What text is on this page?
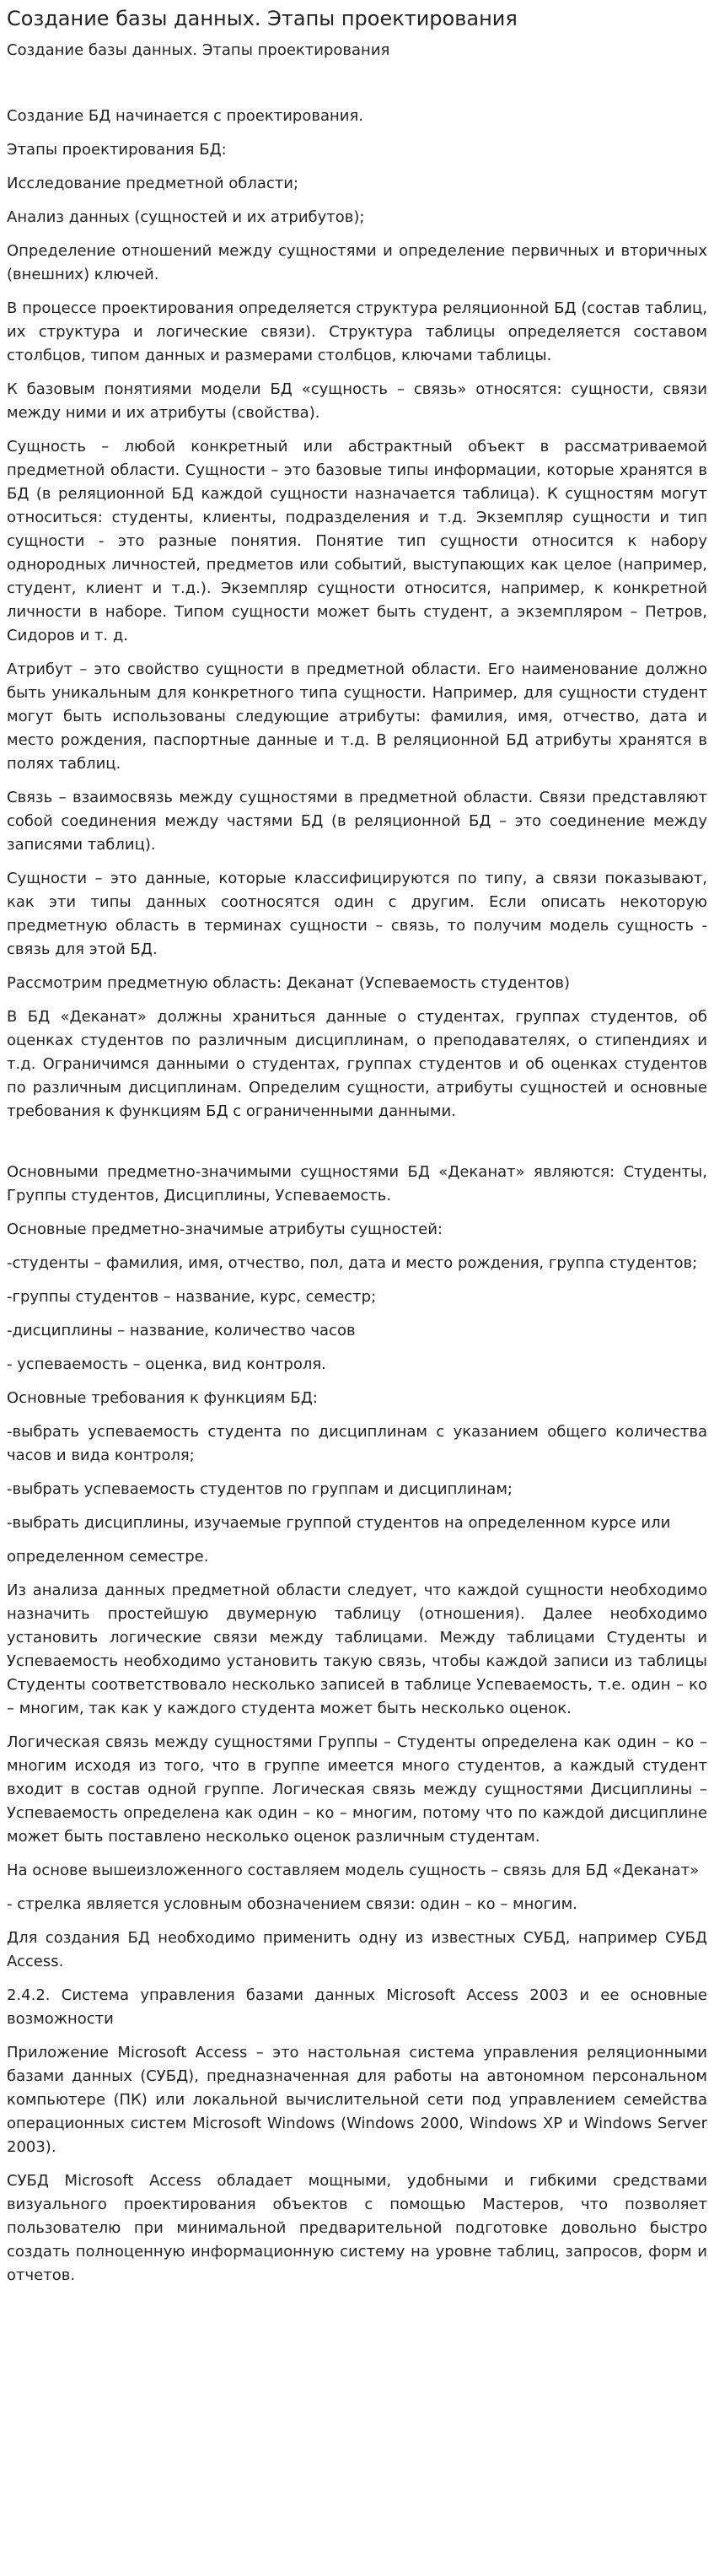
Создание базы данных. Этапы проектирования
Создание базы данных. Этапы проектирования

Создание БД начинается с проектирования.

Этапы проектирования БД:

Исследование предметной области;

Анализ данных (сущностей и их атрибутов);

Определение отношений между сущностями и определение первичных и вторичных (внешних) ключей.

В процессе проектирования определяется структура реляционной БД (состав таблиц, их структура и логические связи). Структура таблицы определяется составом столбцов, типом данных и размерами столбцов, ключами таблицы.

К базовым понятиями модели БД «сущность – связь» относятся: сущности, связи между ними и их атрибуты (свойства).

Сущность – любой конкретный или абстрактный объект в рассматриваемой предметной области. Сущности – это базовые типы информации, которые хранятся в БД (в реляционной БД каждой сущности назначается таблица). К сущностям могут относиться: студенты, клиенты, подразделения и т.д. Экземпляр сущности и тип сущности - это разные понятия. Понятие тип сущности относится к набору однородных личностей, предметов или событий, выступающих как целое (например, студент, клиент и т.д.). Экземпляр сущности относится, например, к конкретной личности в наборе. Типом сущности может быть студент, а экземпляром – Петров, Сидоров и т. д.

Атрибут – это свойство сущности в предметной области. Его наименование должно быть уникальным для конкретного типа сущности. Например, для сущности студент могут быть использованы следующие атрибуты: фамилия, имя, отчество, дата и место рождения, паспортные данные и т.д. В реляционной БД атрибуты хранятся в полях таблиц.

Связь – взаимосвязь между сущностями в предметной области. Связи представляют собой соединения между частями БД (в реляционной БД – это соединение между записями таблиц).

Сущности – это данные, которые классифицируются по типу, а связи показывают, как эти типы данных соотносятся один с другим. Если описать некоторую предметную область в терминах сущности – связь, то получим модель сущность - связь для этой БД.

Рассмотрим предметную область: Деканат (Успеваемость студентов)

В БД «Деканат» должны храниться данные о студентах, группах студентов, об оценках студентов по различным дисциплинам, о преподавателях, о стипендиях и т.д. Ограничимся данными о студентах, группах студентов и об оценках студентов по различным дисциплинам. Определим сущности, атрибуты сущностей и основные требования к функциям БД с ограниченными данными.

Основными предметно-значимыми сущностями БД «Деканат» являются: Студенты, Группы студентов, Дисциплины, Успеваемость.

Основные предметно-значимые атрибуты сущностей:

-студенты – фамилия, имя, отчество, пол, дата и место рождения, группа студентов;

-группы студентов – название, курс, семестр;

-дисциплины – название, количество часов

- успеваемость – оценка, вид контроля.

Основные требования к функциям БД:

-выбрать успеваемость студента по дисциплинам с указанием общего количества часов и вида контроля;

-выбрать успеваемость студентов по группам и дисциплинам;

-выбрать дисциплины, изучаемые группой студентов на определенном курсе или

определенном семестре.

Из анализа данных предметной области следует, что каждой сущности необходимо назначить простейшую двумерную таблицу (отношения). Далее необходимо установить логические связи между таблицами. Между таблицами Студенты и Успеваемость необходимо установить такую связь, чтобы каждой записи из таблицы Студенты соответствовало несколько записей в таблице Успеваемость, т.е. один – ко – многим, так как у каждого студента может быть несколько оценок.

Логическая связь между сущностями Группы – Студенты определена как один – ко – многим исходя из того, что в группе имеется много студентов, а каждый студент входит в состав одной группе. Логическая связь между сущностями Дисциплины – Успеваемость определена как один – ко – многим, потому что по каждой дисциплине может быть поставлено несколько оценок различным студентам.

На основе вышеизложенного составляем модель сущность – связь для БД «Деканат»

- стрелка является условным обозначением связи: один – ко – многим.

Для создания БД необходимо применить одну из известных СУБД, например СУБД Access.

2.4.2. Система управления базами данных Microsoft Access 2003 и ее основные возможности

Приложение Microsoft Access – это настольная система управления реляционными базами данных (СУБД), предназначенная для работы на автономном персональном компьютере (ПК) или локальной вычислительной сети под управлением семейства операционных систем Microsoft Windows (Windows 2000, Windows XP и Windows Server 2003).

СУБД Microsoft Access обладает мощными, удобными и гибкими средствами визуального проектирования объектов с помощью Мастеров, что позволяет пользователю при минимальной предварительной подготовке довольно быстро создать полноценную информационную систему на уровне таблиц, запросов, форм и отчетов.
